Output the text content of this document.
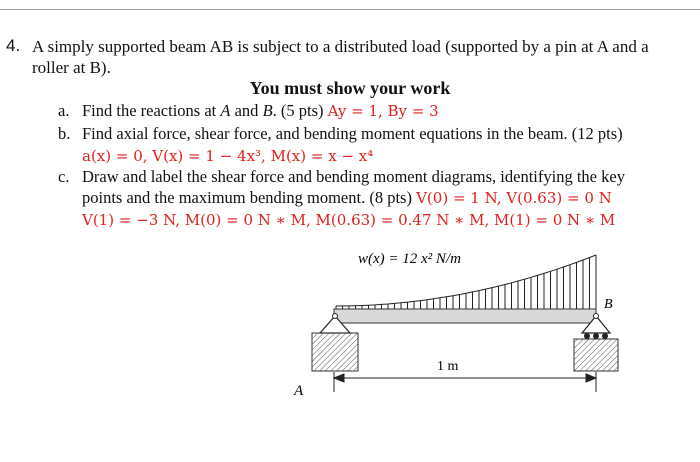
4. A simply supported beam AB is subject to a distributed load (supported by a pin at A and a roller at B).
You must show your work
a. Find the reactions at A and B. (5 pts) Ay = 1, By = 3
b. Find axial force, shear force, and bending moment equations in the beam. (12 pts)
a(x) = 0, V(x) = 1 − 4x³, M(x) = x − x⁴
c. Draw and label the shear force and bending moment diagrams, identifying the key
points and the maximum bending moment. (8 pts) V(0) = 1 N, V(0.63) = 0 N
V(1) = −3 N, M(0) = 0 N ∗ M, M(0.63) = 0.47 N ∗ M, M(1) = 0 N ∗ M
w(x) = 12 x² N/m
B
A
1 m
